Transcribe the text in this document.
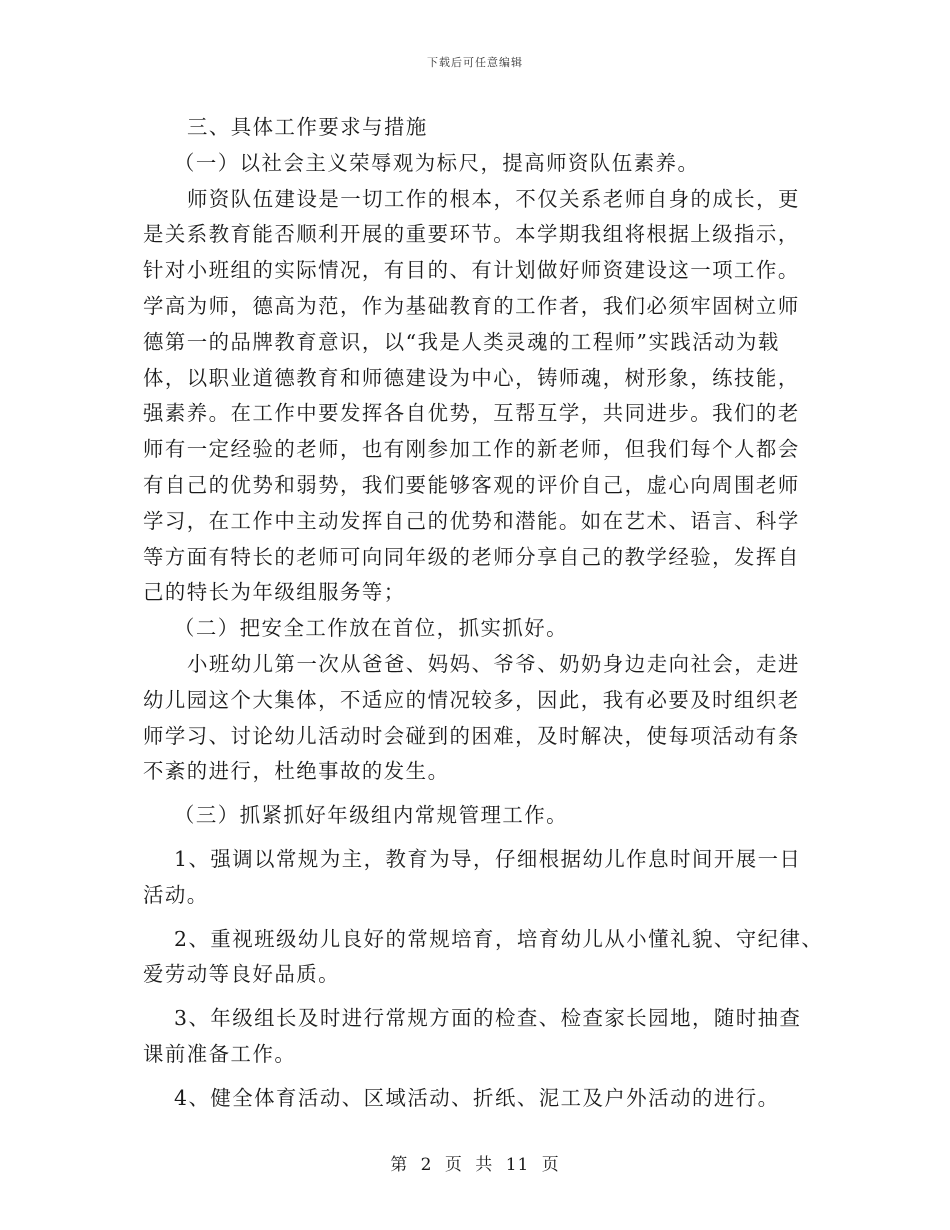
下载后可任意编辑
三、具体工作要求与措施
（一）以社会主义荣辱观为标尺，提高师资队伍素养。
师资队伍建设是一切工作的根本，不仅关系老师自身的成长，更
是关系教育能否顺利开展的重要环节。本学期我组将根据上级指示，
针对小班组的实际情况，有目的、有计划做好师资建设这一项工作。
学高为师，德高为范，作为基础教育的工作者，我们必须牢固树立师
德第一的品牌教育意识，以“我是人类灵魂的工程师”实践活动为载
体，以职业道德教育和师德建设为中心，铸师魂，树形象，练技能，
强素养。在工作中要发挥各自优势，互帮互学，共同进步。我们的老
师有一定经验的老师，也有刚参加工作的新老师，但我们每个人都会
有自己的优势和弱势，我们要能够客观的评价自己，虚心向周围老师
学习，在工作中主动发挥自己的优势和潜能。如在艺术、语言、科学
等方面有特长的老师可向同年级的老师分享自己的教学经验，发挥自
己的特长为年级组服务等；
（二）把安全工作放在首位，抓实抓好。
小班幼儿第一次从爸爸、妈妈、爷爷、奶奶身边走向社会，走进
幼儿园这个大集体，不适应的情况较多，因此，我有必要及时组织老
师学习、讨论幼儿活动时会碰到的困难，及时解决，使每项活动有条
不紊的进行，杜绝事故的发生。
（三）抓紧抓好年级组内常规管理工作。
1、强调以常规为主，教育为导，仔细根据幼儿作息时间开展一日
活动。
2、重视班级幼儿良好的常规培育，培育幼儿从小懂礼貌、守纪律、
爱劳动等良好品质。
3、年级组长及时进行常规方面的检查、检查家长园地，随时抽查
课前准备工作。
4、健全体育活动、区域活动、折纸、泥工及户外活动的进行。
第 2 页 共 11 页
